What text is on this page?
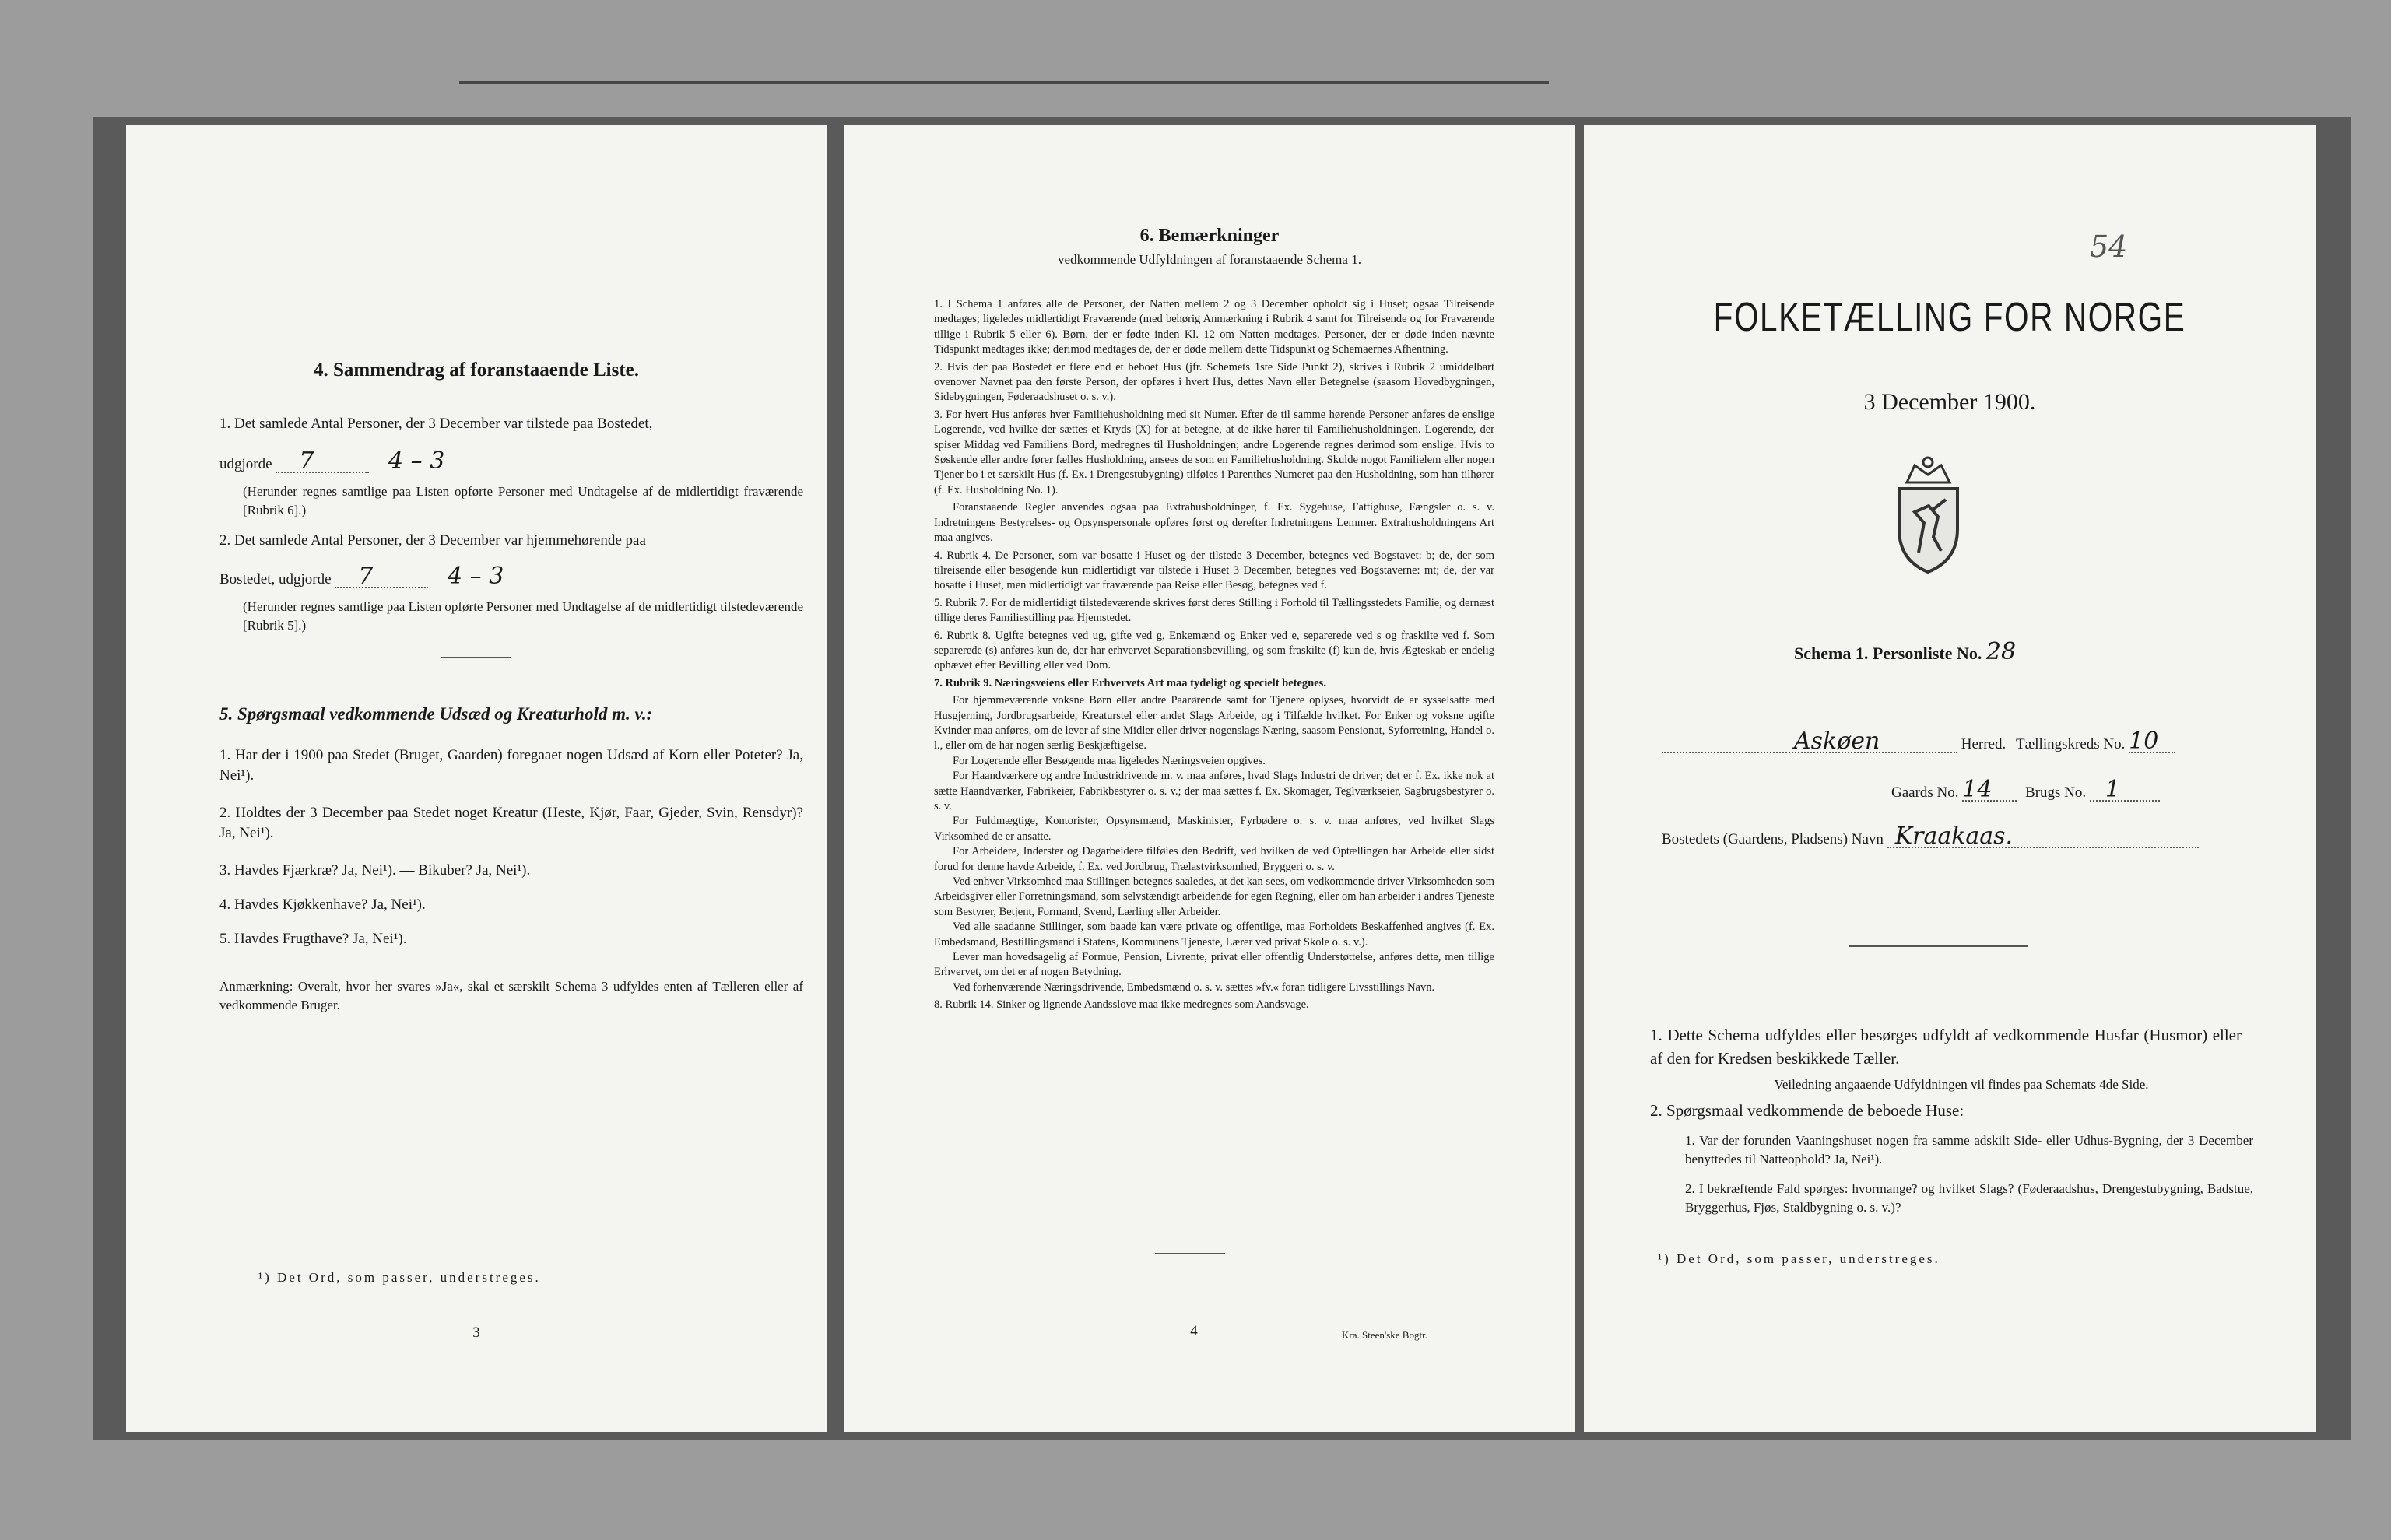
4. Sammendrag af foranstaaende Liste.
1. Det samlede Antal Personer, der 3 December var tilstede paa Bostedet,
udgjorde 7	4 – 3
(Herunder regnes samtlige paa Listen opførte Personer med Undtagelse af de midlertidigt fraværende [Rubrik 6].)
2. Det samlede Antal Personer, der 3 December var hjemmehørende paa
Bostedet, udgjorde 7	4 – 3
(Herunder regnes samtlige paa Listen opførte Personer med Undtagelse af de midlertidigt tilstedeværende [Rubrik 5].)
5. Spørgsmaal vedkommende Udsæd og Kreaturhold m. v.:
1. Har der i 1900 paa Stedet (Bruget, Gaarden) foregaaet nogen Udsæd af Korn eller Poteter? Ja, Nei¹).
2. Holdtes der 3 December paa Stedet noget Kreatur (Heste, Kjør, Faar, Gjeder, Svin, Rensdyr)? Ja, Nei¹).
3. Havdes Fjærkræ? Ja, Nei¹). — Bikuber? Ja, Nei¹).
4. Havdes Kjøkkenhave? Ja, Nei¹).
5. Havdes Frugthave? Ja, Nei¹).
Anmærkning: Overalt, hvor her svares »Ja«, skal et særskilt Schema 3 udfyldes enten af Tælleren eller af vedkommende Bruger.
¹) Det Ord, som passer, understreges.
3
6. Bemærkninger
vedkommende Udfyldningen af foranstaaende Schema 1.
1. I Schema 1 anføres alle de Personer, der Natten mellem 2 og 3 December opholdt sig i Huset; ogsaa Tilreisende medtages; ligeledes midlertidigt Fraværende (med behørig Anmærkning i Rubrik 4 samt for Tilreisende og for Fraværende tillige i Rubrik 5 eller 6). Børn, der er fødte inden Kl. 12 om Natten medtages. Personer, der er døde inden nævnte Tidspunkt medtages ikke; derimod medtages de, der er døde mellem dette Tidspunkt og Schemaernes Afhentning.
2. Hvis der paa Bostedet er flere end et beboet Hus (jfr. Schemets 1ste Side Punkt 2), skrives i Rubrik 2 umiddelbart ovenover Navnet paa den første Person, der opføres i hvert Hus, dettes Navn eller Betegnelse (saasom Hovedbygningen, Sidebygningen, Føderaadshuset o. s. v.).
3. For hvert Hus anføres hver Familiehusholdning med sit Numer. Efter de til samme hørende Personer anføres de enslige Logerende, ved hvilke der sættes et Kryds (X) for at betegne, at de ikke hører til Familiehusholdningen. Logerende, der spiser Middag ved Familiens Bord, medregnes til Husholdningen; andre Logerende regnes derimod som enslige. Hvis to Søskende eller andre fører fælles Husholdning, ansees de som en Familiehusholdning. Skulde nogot Familielem eller nogen Tjener bo i et særskilt Hus (f. Ex. i Drengestubygning) tilføies i Parenthes Numeret paa den Husholdning, som han tilhører (f. Ex. Husholdning No. 1).
Foranstaaende Regler anvendes ogsaa paa Extrahusholdninger, f. Ex. Sygehuse, Fattighuse, Fængsler o. s. v. Indretningens Bestyrelses- og Opsynspersonale opføres først og derefter Indretningens Lemmer. Extrahusholdningens Art maa angives.
4. Rubrik 4. De Personer, som var bosatte i Huset og der tilstede 3 December, betegnes ved Bogstavet: b; de, der som tilreisende eller besøgende kun midlertidigt var tilstede i Huset 3 December, betegnes ved Bogstaverne: mt; de, der var bosatte i Huset, men midlertidigt var fraværende paa Reise eller Besøg, betegnes ved f.
5. Rubrik 7. For de midlertidigt tilstedeværende skrives først deres Stilling i Forhold til Tællingsstedets Familie, og dernæst tillige deres Familiestilling paa Hjemstedet.
6. Rubrik 8. Ugifte betegnes ved ug, gifte ved g, Enkemænd og Enker ved e, separerede ved s og fraskilte ved f. Som separerede (s) anføres kun de, der har erhvervet Separationsbevilling, og som fraskilte (f) kun de, hvis Ægteskab er endelig ophævet efter Bevilling eller ved Dom.
7. Rubrik 9. Næringsveiens eller Erhvervets Art maa tydeligt og specielt betegnes.
For hjemmeværende voksne Børn eller andre Paarørende samt for Tjenere oplyses, hvorvidt de er sysselsatte med Husgjerning, Jordbrugsarbeide, Kreaturstel eller andet Slags Arbeide, og i Tilfælde hvilket. For Enker og voksne ugifte Kvinder maa anføres, om de lever af sine Midler eller driver nogenslags Næring, saasom Pensionat, Syforretning, Handel o. l., eller om de har nogen særlig Beskjæftigelse.
For Logerende eller Besøgende maa ligeledes Næringsveien opgives.
For Haandværkere og andre Industridrivende m. v. maa anføres, hvad Slags Industri de driver; det er f. Ex. ikke nok at sætte Haandværker, Fabrikeier, Fabrikbestyrer o. s. v.; der maa sættes f. Ex. Skomager, Teglværkseier, Sagbrugsbestyrer o. s. v.
For Fuldmægtige, Kontorister, Opsynsmænd, Maskinister, Fyrbødere o. s. v. maa anføres, ved hvilket Slags Virksomhed de er ansatte.
For Arbeidere, Inderster og Dagarbeidere tilføies den Bedrift, ved hvilken de ved Optællingen har Arbeide eller sidst forud for denne havde Arbeide, f. Ex. ved Jordbrug, Trælastvirksomhed, Bryggeri o. s. v.
Ved enhver Virksomhed maa Stillingen betegnes saaledes, at det kan sees, om vedkommende driver Virksomheden som Arbeidsgiver eller Forretningsmand, som selvstændigt arbeidende for egen Regning, eller om han arbeider i andres Tjeneste som Bestyrer, Betjent, Formand, Svend, Lærling eller Arbeider.
Ved alle saadanne Stillinger, som baade kan være private og offentlige, maa Forholdets Beskaffenhed angives (f. Ex. Embedsmand, Bestillingsmand i Statens, Kommunens Tjeneste, Lærer ved privat Skole o. s. v.).
Lever man hovedsagelig af Formue, Pension, Livrente, privat eller offentlig Understøttelse, anføres dette, men tillige Erhvervet, om det er af nogen Betydning.
Ved forhenværende Næringsdrivende, Embedsmænd o. s. v. sættes »fv.« foran tidligere Livsstillings Navn.
8. Rubrik 14. Sinker og lignende Aandsslove maa ikke medregnes som Aandsvage.
4	Kra. Steen'ske Bogtr.
54
FOLKETÆLLING FOR NORGE
3 December 1900.
Schema 1. Personliste No. 28
Askøen	Herred. Tællingskreds No. 10
Gaards No. 14 Brugs No. 1
Bostedets (Gaardens, Pladsens) Navn Kraakaas.
1. Dette Schema udfyldes eller besørges udfyldt af vedkommende Husfar (Husmor) eller af den for Kredsen beskikkede Tæller.
Veiledning angaaende Udfyldningen vil findes paa Schemats 4de Side.
2. Spørgsmaal vedkommende de beboede Huse:
1. Var der forunden Vaaningshuset nogen fra samme adskilt Side- eller Udhus-Bygning, der 3 December benyttedes til Natteophold? Ja, Nei¹).
2. I bekræftende Fald spørges: hvormange? og hvilket Slags? (Føderaadshus, Drengestubygning, Badstue, Bryggerhus, Fjøs, Staldbygning o. s. v.)?
¹) Det Ord, som passer, understreges.
